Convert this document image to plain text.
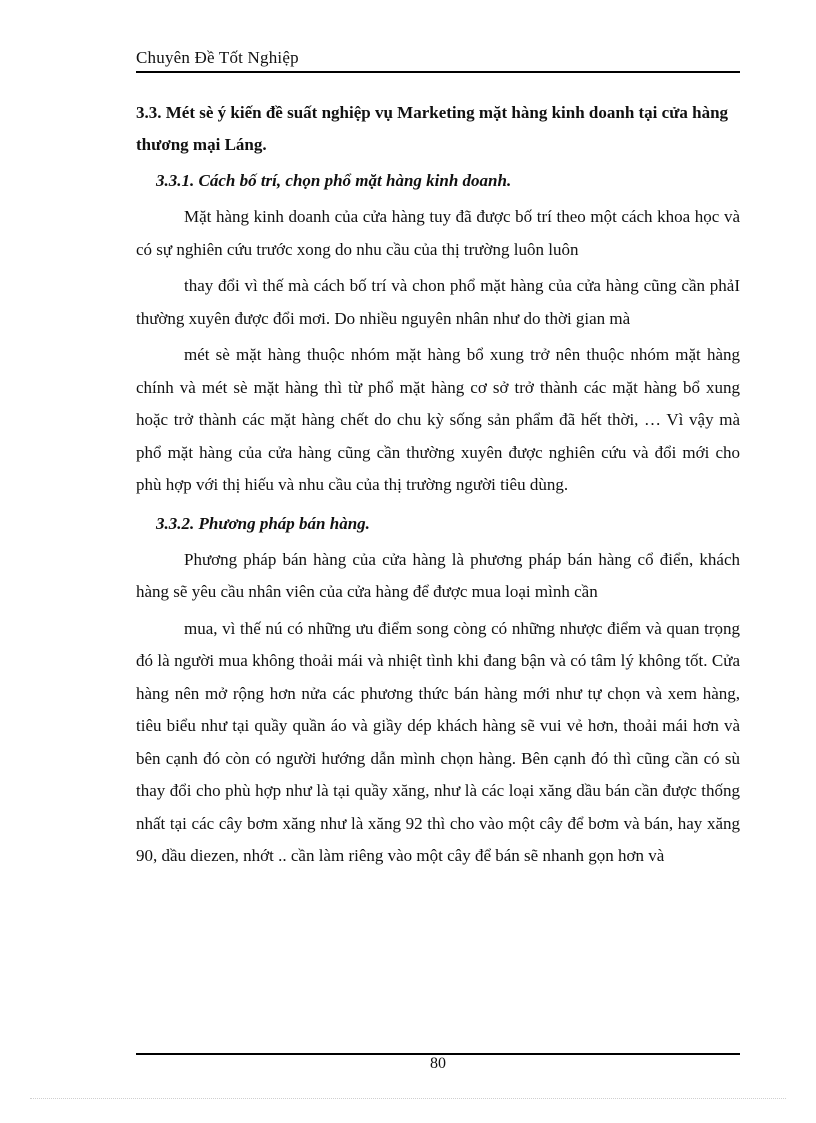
Chuyên Đề Tốt Nghiệp

3.3. Mét sè ý kiến đề suất nghiệp vụ Marketing mặt hàng kinh doanh tại cửa hàng thương mại Láng.

3.3.1. Cách bố trí, chọn phổ mặt hàng kinh doanh.

Mặt hàng kinh doanh của cửa hàng tuy đã được bố trí theo một cách khoa học và có sự nghiên cứu trước xong do nhu cầu của thị trường luôn luôn

thay đổi vì thế mà cách bố trí và chon phổ mặt hàng của cửa hàng cũng cần phảI thường xuyên được đổi mơi. Do nhiều nguyên nhân như do thời gian mà

mét sè mặt hàng thuộc nhóm mặt hàng bổ xung trở nên thuộc nhóm mặt hàng chính và mét sè mặt hàng thì từ phổ mặt hàng cơ sở trở thành các mặt hàng bổ xung hoặc trở thành các mặt hàng chết do chu kỳ sống sản phẩm đã hết thời, … Vì vậy mà phổ mặt hàng của cửa hàng cũng cần thường xuyên được nghiên cứu và đổi mới cho phù hợp với thị hiếu và nhu cầu của thị trường người tiêu dùng.

3.3.2. Phương pháp bán hàng.

Phương pháp bán hàng của cửa hàng là phương pháp bán hàng cổ điển, khách hàng sẽ yêu cầu nhân viên của cửa hàng để được mua loại mình cần

mua, vì thế nú có những ưu điểm song còng có những nhược điểm và quan trọng đó là người mua không thoải mái và nhiệt tình khi đang bận và có tâm lý không tốt. Cửa hàng nên mở rộng hơn nửa các phương thức bán hàng mới như tự chọn và xem hàng, tiêu biểu như tại quầy quần áo và giầy dép khách hàng sẽ vui vẻ hơn, thoải mái hơn và bên cạnh đó còn có người hướng dẫn mình chọn hàng. Bên cạnh đó thì cũng cần có sù thay đổi cho phù hợp như là tại quầy xăng, như là các loại xăng dầu bán cần được thống nhất tại các cây bơm xăng như là xăng 92 thì cho vào một cây để bơm và bán, hay xăng 90, dầu diezen, nhớt .. cần làm riêng vào một cây để bán sẽ nhanh gọn hơn và

80
